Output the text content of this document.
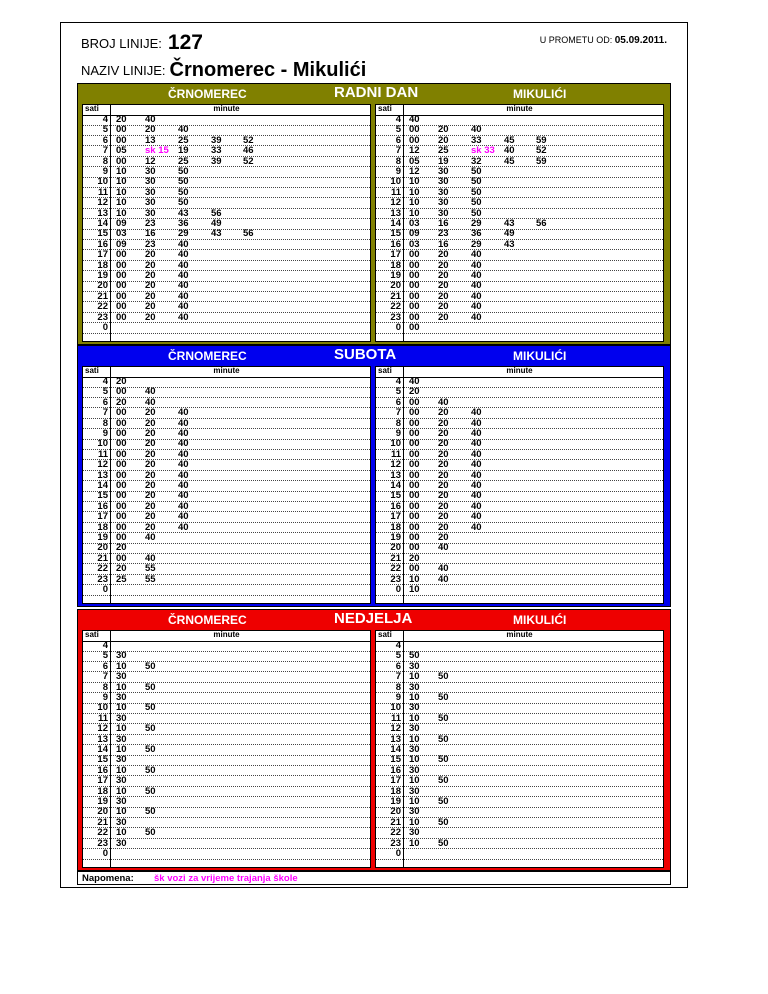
BROJ LINIJE: 127	U PROMETU OD: 05.09.2011.
NAZIV LINIJE: Črnomerec - Mikulići
ČRNOMEREC	RADNI DAN	MIKULIĆI
sati	minute
4 20 40
5 00 20 40
6 00 13 25 39 52
7 05 sk 15 19 33 46
8 00 12 25 39 52
9 10 30 50
10 10 30 50
11 10 30 50
12 10 30 50
13 10 30 43 56
14 09 23 36 49
15 03 16 29 43 56
16 09 23 40
17 00 20 40
18 00 20 40
19 00 20 40
20 00 20 40
21 00 20 40
22 00 20 40
23 00 20 40
0
sati	minute
4 40
5 00 20 40
6 00 20 33 45 59
7 12 25 sk 33 40 52
8 05 19 32 45 59
9 12 30 50
10 10 30 50
11 10 30 50
12 10 30 50
13 10 30 50
14 03 16 29 43 56
15 09 23 36 49
16 03 16 29 43
17 00 20 40
18 00 20 40
19 00 20 40
20 00 20 40
21 00 20 40
22 00 20 40
23 00 20 40
0 00
ČRNOMEREC	SUBOTA	MIKULIĆI
sati	minute
4 20
5 00 40
6 20 40
7 00 20 40
8 00 20 40
9 00 20 40
10 00 20 40
11 00 20 40
12 00 20 40
13 00 20 40
14 00 20 40
15 00 20 40
16 00 20 40
17 00 20 40
18 00 20 40
19 00 40
20 20
21 00 40
22 20 55
23 25 55
0
sati	minute
4 40
5 20
6 00 40
7 00 20 40
8 00 20 40
9 00 20 40
10 00 20 40
11 00 20 40
12 00 20 40
13 00 20 40
14 00 20 40
15 00 20 40
16 00 20 40
17 00 20 40
18 00 20 40
19 00 20
20 00 40
21 20
22 00 40
23 10 40
0 10
ČRNOMEREC	NEDJELJA	MIKULIĆI
sati	minute
4
5 30
6 10 50
7 30
8 10 50
9 30
10 10 50
11 30
12 10 50
13 30
14 10 50
15 30
16 10 50
17 30
18 10 50
19 30
20 10 50
21 30
22 10 50
23 30
0
sati	minute
4
5 50
6 30
7 10 50
8 30
9 10 50
10 30
11 10 50
12 30
13 10 50
14 30
15 10 50
16 30
17 10 50
18 30
19 10 50
20 30
21 10 50
22 30
23 10 50
0
Napomena: šk vozi za vrijeme trajanja škole
